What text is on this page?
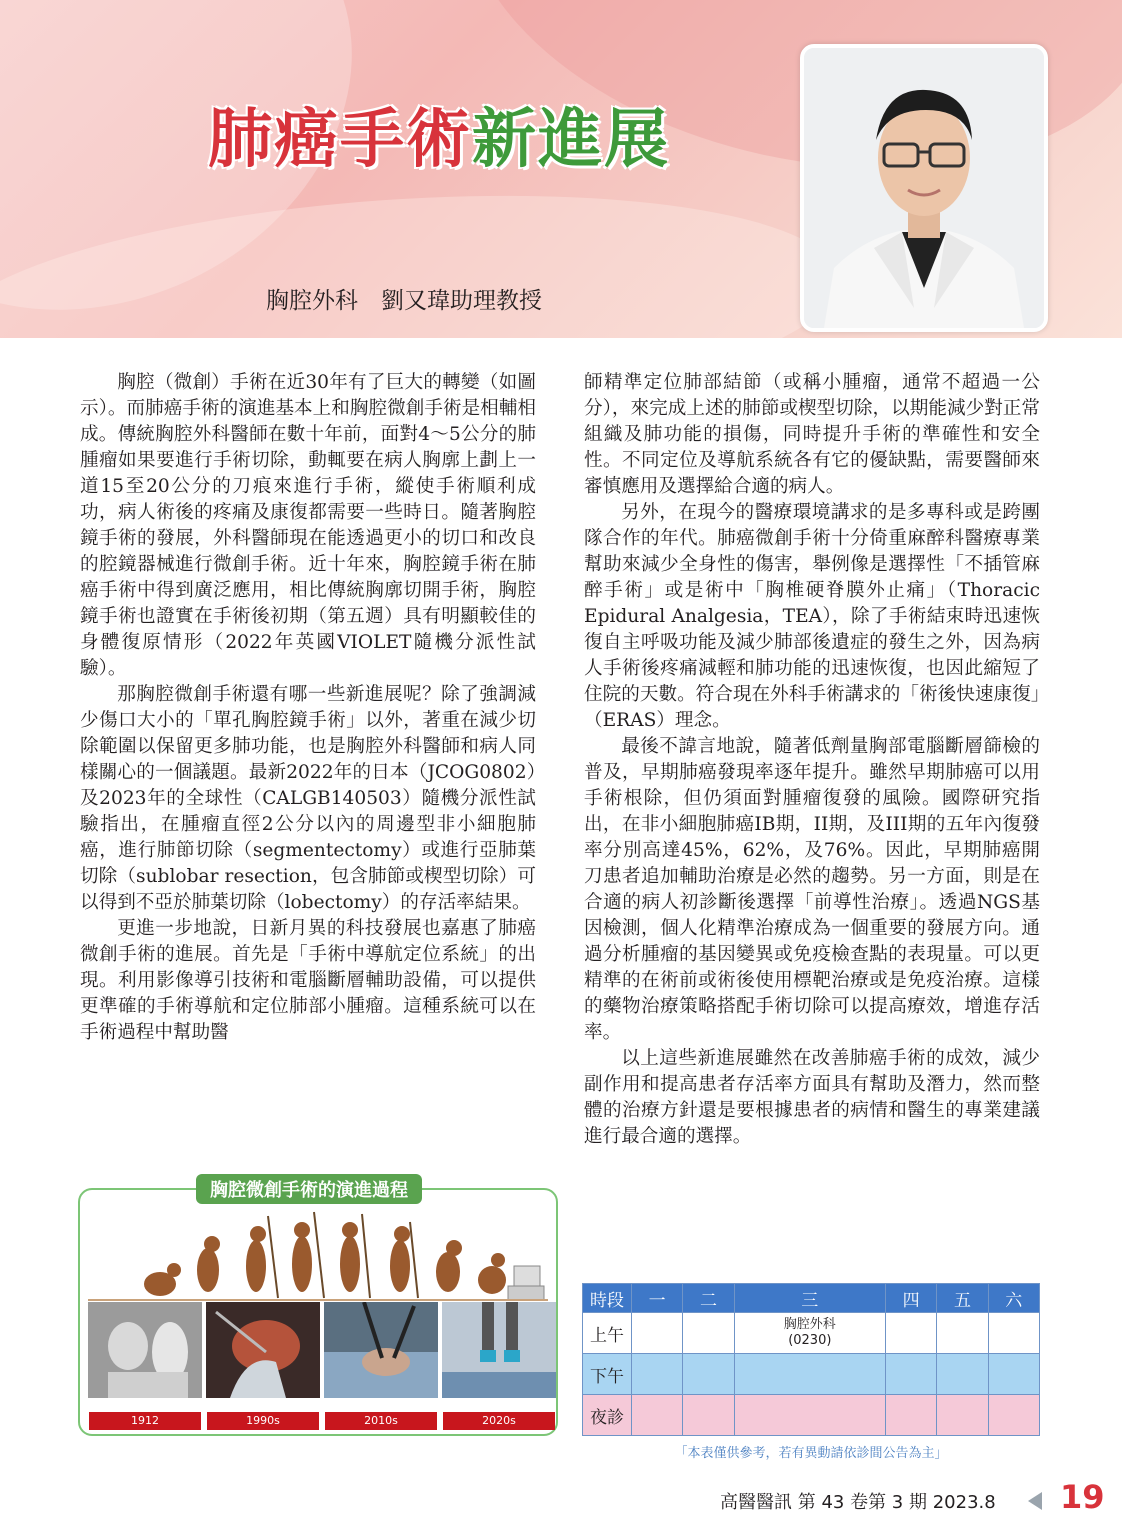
肺癌手術新進展
胸腔外科　劉又瑋助理教授

胸腔（微創）手術在近30年有了巨大的轉變（如圖示）。而肺癌手術的演進基本上和胸腔微創手術是相輔相成。傳統胸腔外科醫師在數十年前，面對4～5公分的肺腫瘤如果要進行手術切除，動輒要在病人胸廓上劃上一道15至20公分的刀痕來進行手術，縱使手術順利成功，病人術後的疼痛及康復都需要一些時日。隨著胸腔鏡手術的發展，外科醫師現在能透過更小的切口和改良的腔鏡器械進行微創手術。近十年來，胸腔鏡手術在肺癌手術中得到廣泛應用，相比傳統胸廓切開手術，胸腔鏡手術也證實在手術後初期（第五週）具有明顯較佳的身體復原情形（2022年英國VIOLET隨機分派性試驗）。

那胸腔微創手術還有哪一些新進展呢？除了強調減少傷口大小的「單孔胸腔鏡手術」以外，著重在減少切除範圍以保留更多肺功能，也是胸腔外科醫師和病人同樣關心的一個議題。最新2022年的日本（JCOG0802）及2023年的全球性（CALGB140503）隨機分派性試驗指出，在腫瘤直徑2公分以內的周邊型非小細胞肺癌，進行肺節切除（segmentectomy）或進行亞肺葉切除（sublobar resection，包含肺節或楔型切除）可以得到不亞於肺葉切除（lobectomy）的存活率結果。

更進一步地說，日新月異的科技發展也嘉惠了肺癌微創手術的進展。首先是「手術中導航定位系統」的出現。利用影像導引技術和電腦斷層輔助設備，可以提供更準確的手術導航和定位肺部小腫瘤。這種系統可以在手術過程中幫助醫

師精準定位肺部結節（或稱小腫瘤，通常不超過一公分），來完成上述的肺節或楔型切除，以期能減少對正常組織及肺功能的損傷，同時提升手術的準確性和安全性。不同定位及導航系統各有它的優缺點，需要醫師來審慎應用及選擇給合適的病人。

另外，在現今的醫療環境講求的是多專科或是跨團隊合作的年代。肺癌微創手術十分倚重麻醉科醫療專業幫助來減少全身性的傷害，舉例像是選擇性「不插管麻醉手術」或是術中「胸椎硬脊膜外止痛」（Thoracic Epidural Analgesia，TEA），除了手術結束時迅速恢復自主呼吸功能及減少肺部後遺症的發生之外，因為病人手術後疼痛減輕和肺功能的迅速恢復，也因此縮短了住院的天數。符合現在外科手術講求的「術後快速康復」（ERAS）理念。

最後不諱言地說，隨著低劑量胸部電腦斷層篩檢的普及，早期肺癌發現率逐年提升。雖然早期肺癌可以用手術根除，但仍須面對腫瘤復發的風險。國際研究指出，在非小細胞肺癌IB期，II期，及III期的五年內復發率分別高達45%，62%，及76%。因此，早期肺癌開刀患者追加輔助治療是必然的趨勢。另一方面，則是在合適的病人初診斷後選擇「前導性治療」。透過NGS基因檢測，個人化精準治療成為一個重要的發展方向。通過分析腫瘤的基因變異或免疫檢查點的表現量。可以更精準的在術前或術後使用標靶治療或是免疫治療。這樣的藥物治療策略搭配手術切除可以提高療效，增進存活率。

以上這些新進展雖然在改善肺癌手術的成效，減少副作用和提高患者存活率方面具有幫助及潛力，然而整體的治療方針還是要根據患者的病情和醫生的專業建議進行最合適的選擇。

胸腔微創手術的演進過程
1912	1990s	2010s	2020s
時段	一	二	三	四	五	六
上午			胸腔外科
(0230)			

下午						
夜診						
「本表僅供參考，若有異動請依診間公告為主」
高醫醫訊 第 43 卷第 3 期 2023.8 19
